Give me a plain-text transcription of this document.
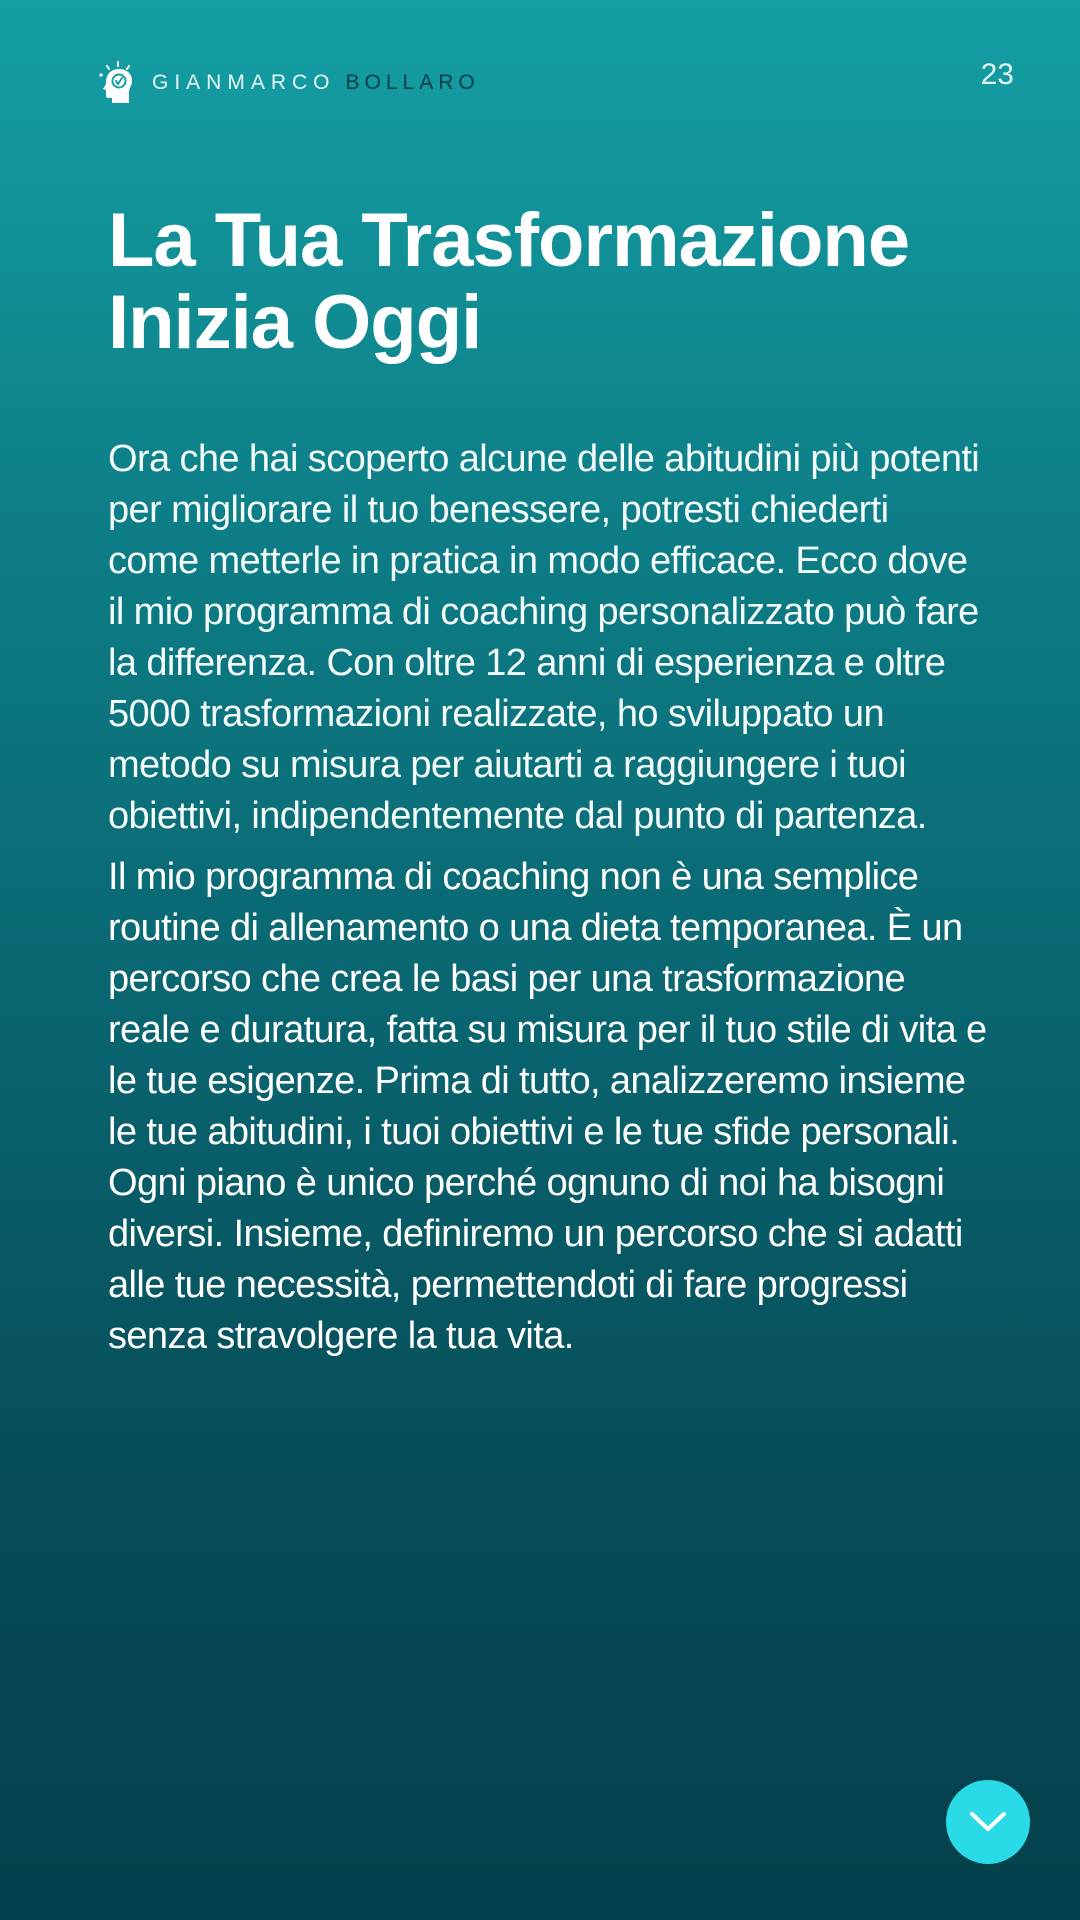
GIANMARCO BOLLARO	23
La Tua Trasformazione Inizia Oggi

Ora che hai scoperto alcune delle abitudini più potenti per migliorare il tuo benessere, potresti chiederti come metterle in pratica in modo efficace. Ecco dove il mio programma di coaching personalizzato può fare la differenza. Con oltre 12 anni di esperienza e oltre 5000 trasformazioni realizzate, ho sviluppato un metodo su misura per aiutarti a raggiungere i tuoi obiettivi, indipendentemente dal punto di partenza.

Il mio programma di coaching non è una semplice routine di allenamento o una dieta temporanea. È un percorso che crea le basi per una trasformazione reale e duratura, fatta su misura per il tuo stile di vita e le tue esigenze. Prima di tutto, analizzeremo insieme le tue abitudini, i tuoi obiettivi e le tue sfide personali. Ogni piano è unico perché ognuno di noi ha bisogni diversi. Insieme, definiremo un percorso che si adatti alle tue necessità, permettendoti di fare progressi senza stravolgere la tua vita.
